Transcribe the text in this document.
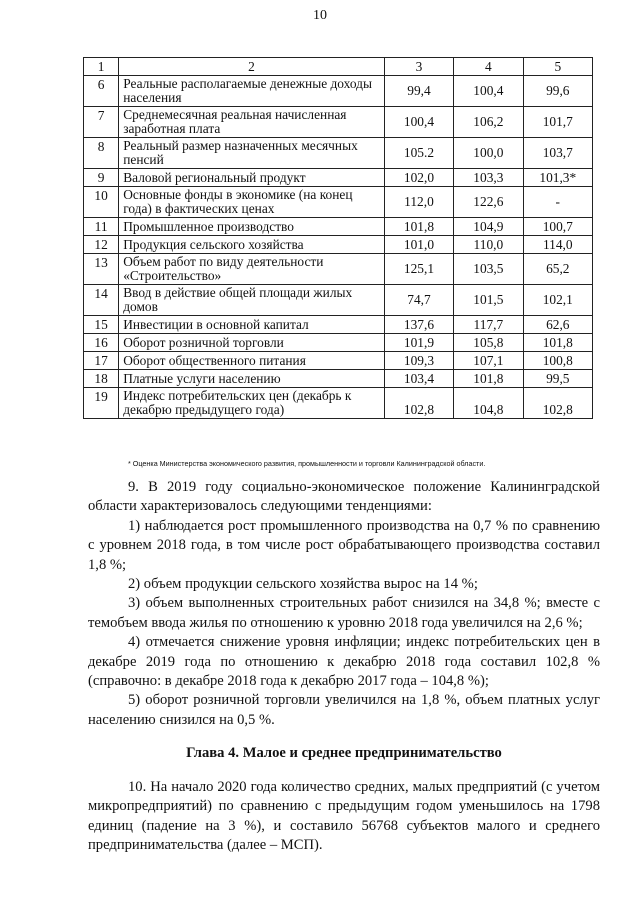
10
1	2	3	4	5
6	Реальные располагаемые денежные доходы населения	99,4	100,4	99,6
7	Среднемесячная реальная начисленная заработная плата	100,4	106,2	101,7
8	Реальный размер назначенных месячных пенсий	105.2	100,0	103,7
9	Валовой региональный продукт	102,0	103,3	101,3*
10	Основные фонды в экономике (на конец года) в фактических ценах	112,0	122,6	-
11	Промышленное производство	101,8	104,9	100,7
12	Продукция сельского хозяйства	101,0	110,0	114,0
13	Объем работ по виду деятельности «Строительство»	125,1	103,5	65,2
14	Ввод в действие общей площади жилых домов	74,7	101,5	102,1
15	Инвестиции в основной капитал	137,6	117,7	62,6
16	Оборот розничной торговли	101,9	105,8	101,8
17	Оборот общественного питания	109,3	107,1	100,8
18	Платные услуги населению	103,4	101,8	99,5
19	Индекс потребительских цен (декабрь к декабрю предыдущего года)	102,8	104,8	102,8
* Оценка Министерства экономического развития, промышленности и торговли Калининградской области.

9. В 2019 году социально-экономическое положение Калининградской области характеризовалось следующими тенденциями:

1) наблюдается рост промышленного производства на 0,7 % по сравнению с уровнем 2018 года, в том числе рост обрабатывающего производства составил 1,8 %;

2) объем продукции сельского хозяйства вырос на 14 %;

3) объем выполненных строительных работ снизился на 34,8 %; вместе с темобъем ввода жилья по отношению к уровню 2018 года увеличился на 2,6 %;

4) отмечается снижение уровня инфляции; индекс потребительских цен в декабре 2019 года по отношению к декабрю 2018 года составил 102,8 % (справочно: в декабре 2018 года к декабрю 2017 года – 104,8 %);

5) оборот розничной торговли увеличился на 1,8 %, объем платных услуг населению снизился на 0,5 %.

Глава 4. Малое и среднее предпринимательство

10. На начало 2020 года количество средних, малых предприятий (с учетом микропредприятий) по сравнению с предыдущим годом уменьшилось на 1798 единиц (падение на 3 %), и составило 56768 субъектов малого и среднего предпринимательства (далее – МСП).
